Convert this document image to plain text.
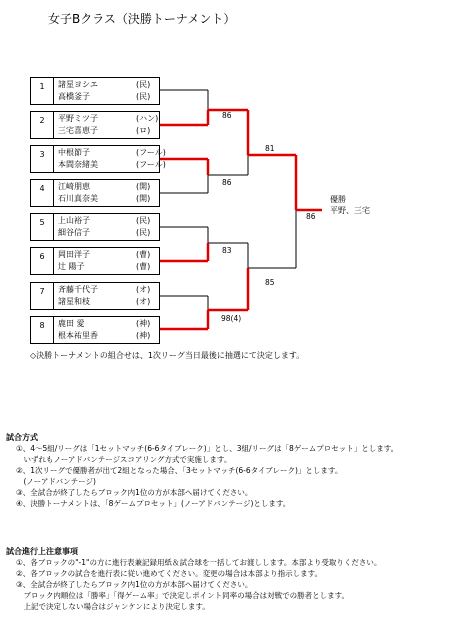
女子Bクラス（決勝トーナメント）
1	諸星ヨシエ	(民)
高橋釜子	(民)
2	平野ミツ子	(ハン)
三宅喜恵子	(ロ)
3	中根節子	(フール)
本間奈緒美	(フール)
4	江崎朋恵	(開)
石川真奈美	(開)
5	上山裕子	(民)
細谷信子	(民)
6	岡田洋子	(曹)
辻 陽子	(曹)
7	斉藤千代子	(オ)
諸星和枝	(オ)
8	鹿田 愛	(神)
根本祐里香	(神)
86
86
83
98(4)
81
85
86
優勝
平野、三宅
◇決勝トーナメントの組合せは、1次リーグ当日最後に抽選にて決定します。
試合方式
①、4～5組/リーグは「1セットマッチ(6-6タイブレーク)」とし、3組/リーグは「8ゲームプロセット」とします。
　いずれもノーアドバンテージスコアリング方式で実施します。
②、1次リーグで優勝者が出て2組となった場合、「3セットマッチ(6-6タイブレーク)」とします。
　(ノーアドバンテージ)
③、全試合が終了したらブロック内1位の方が本部へ届けてください。
④、決勝トーナメントは、「8ゲームプロセット」(ノーアドバンテージ)とします。
試合進行上注意事項
①、各ブロックの"-1"の方に進行表兼記録用紙＆試合球を一括してお渡しします。本部より受取りください。
②、各ブロックの試合を進行表に従い進めてください。変更の場合は本部より指示します。
③、全試合が終了したらブロック内1位の方が本部へ届けてください。
　ブロック内順位は「勝率」「得ゲーム率」で決定しポイント同率の場合は対戦での勝者とします。
　上記で決定しない場合はジャンケンにより決定します。
